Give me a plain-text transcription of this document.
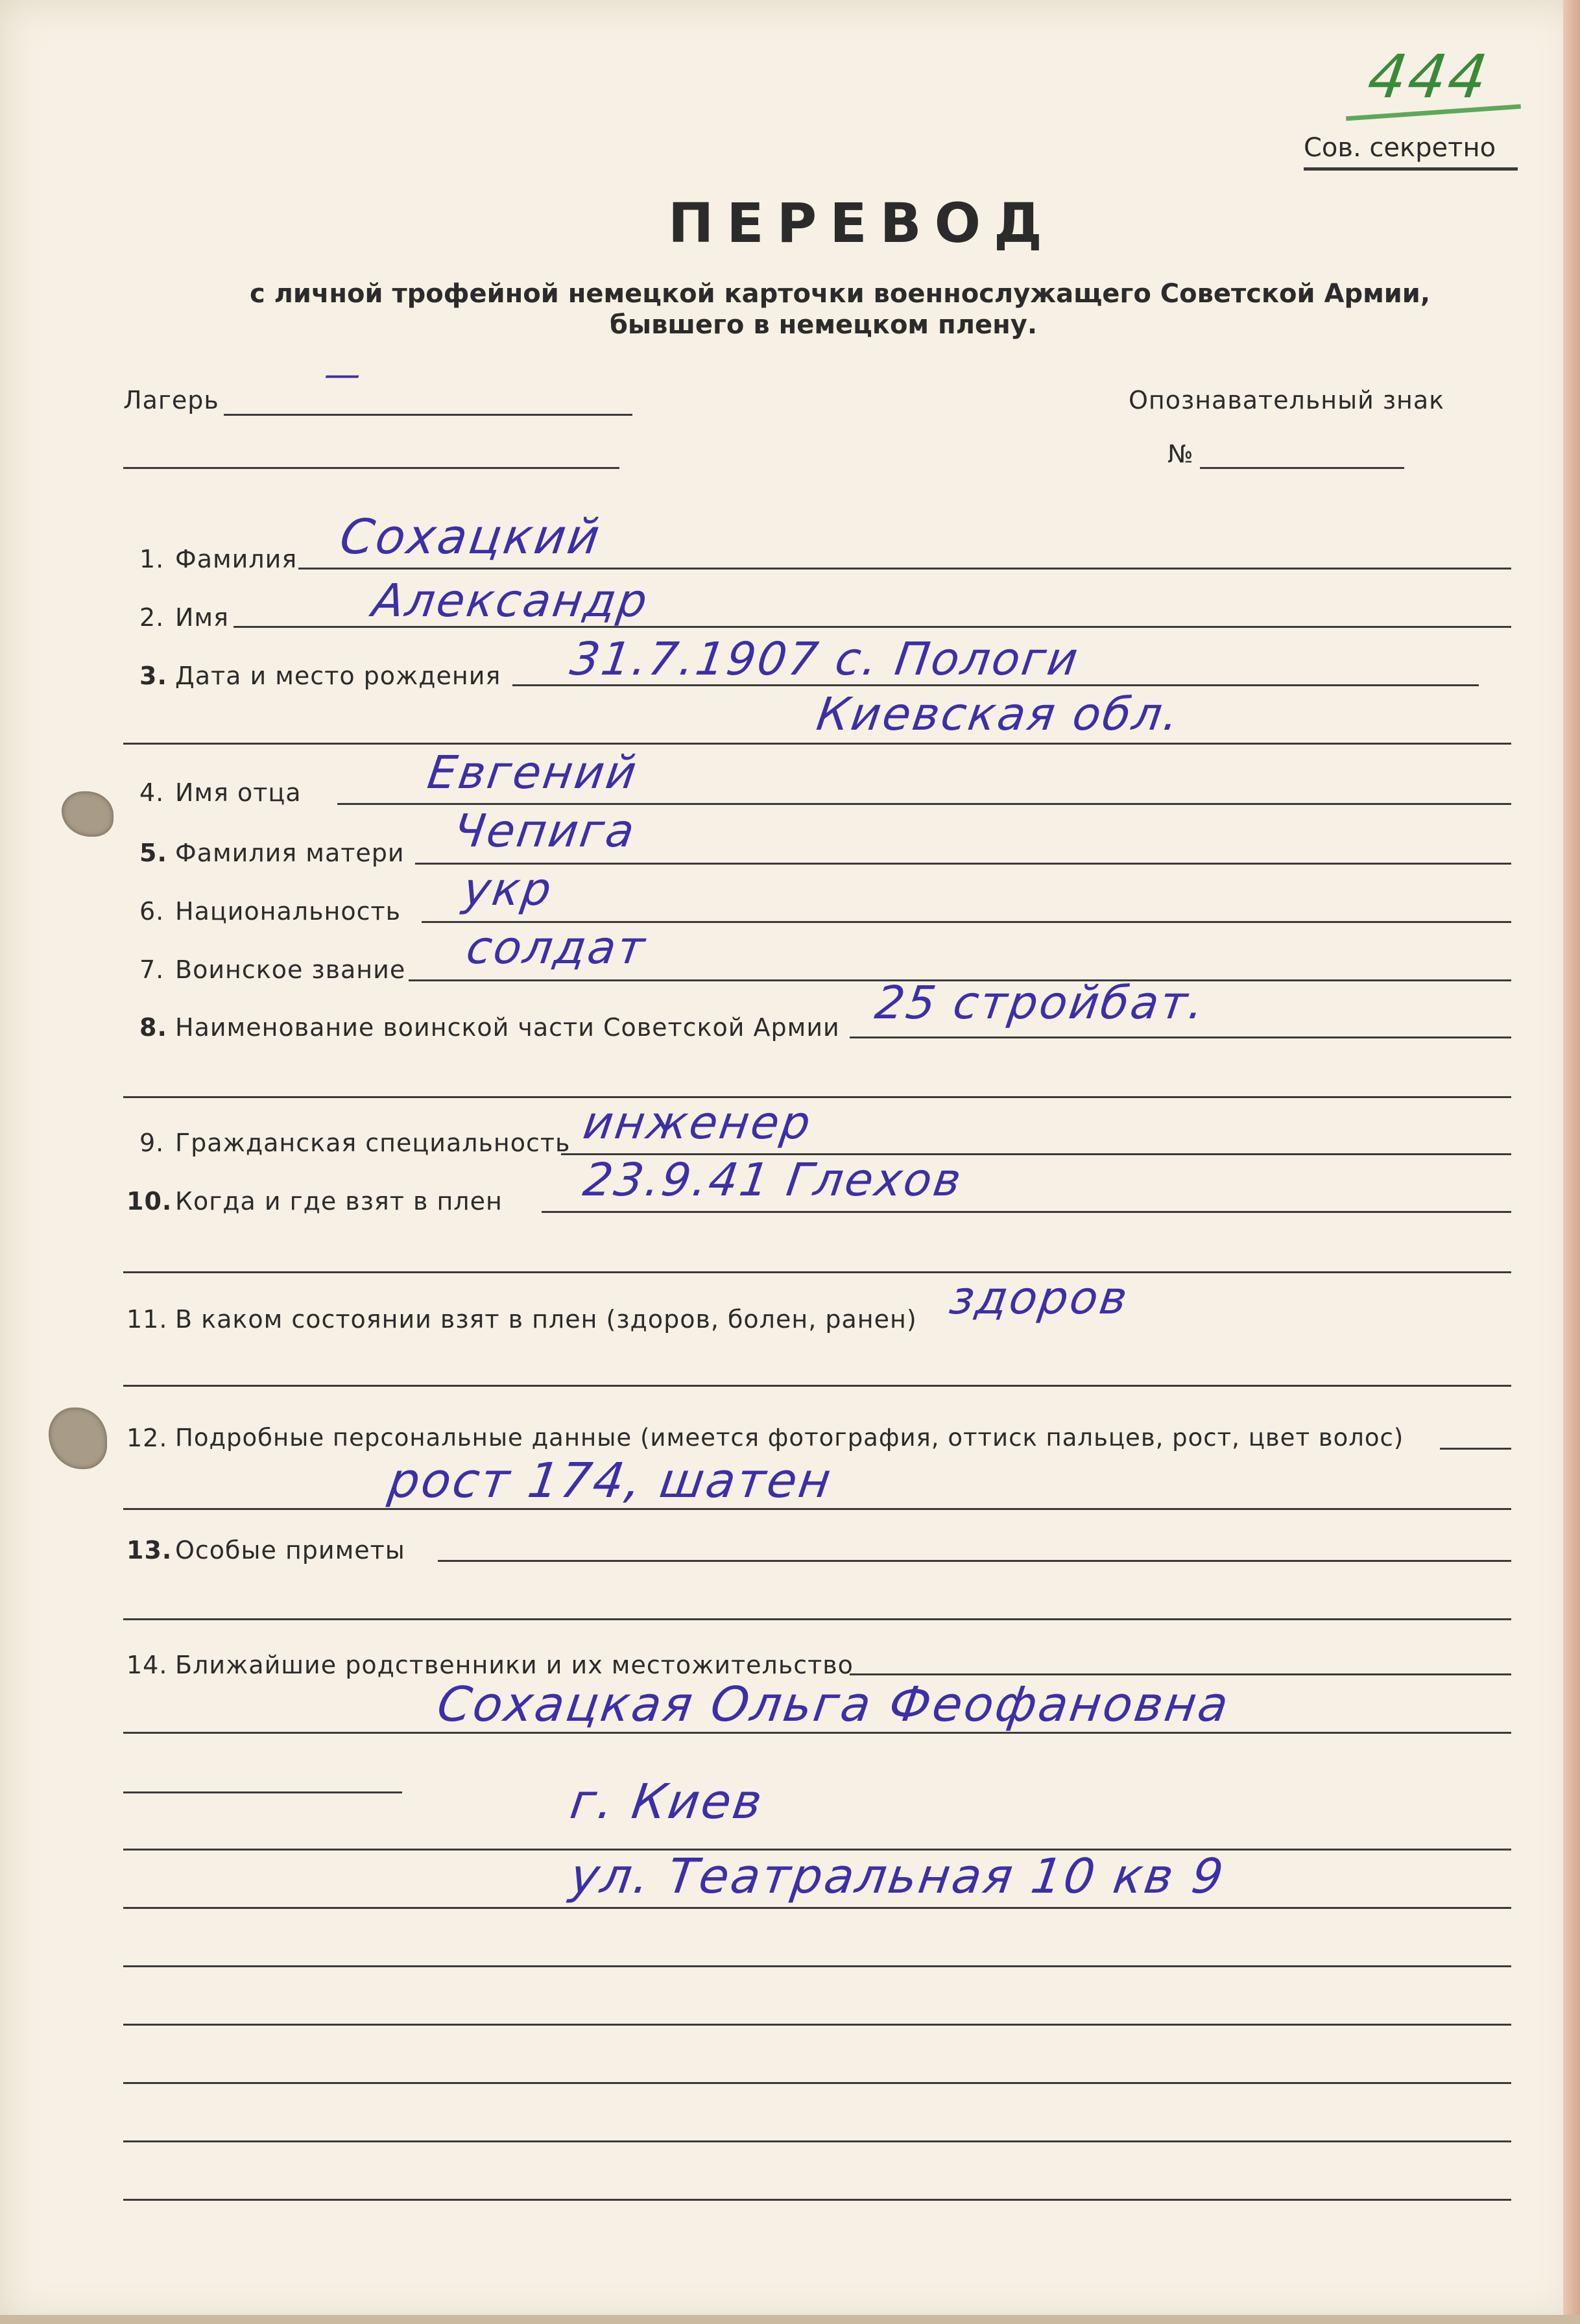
444
Сов. секретно
ПЕРЕВОД
с личной трофейной немецкой карточки военнослужащего Советской Армии,
бывшего в немецком плену.
Лагерь
—
Опознавательный знак
№
1. Фамилия Сохацкий
2. Имя	Александр
3. Дата и место рождения 31.7.1907 с. Пологи
Киевская обл.
4. Имя отца	Евгений
5. Фамилия матери Чепига
6. Национальность укр
7. Воинское звание солдат
8. Наименование воинской части Советской Армии 25 стройбат.
9. Гражданская специальность инженер
10. Когда и где взят в плен 23.9.41 Глехов
11. В каком состоянии взят в плен (здоров, болен, ранен) здоров
12. Подробные персональные данные (имеется фотография, оттиск пальцев, рост, цвет волос)
рост 174, шатен
13. Особые приметы
14. Ближайшие родственники и их местожительство
Сохацкая Ольга Феофановна
г. Киев
ул. Театральная 10 кв 9
